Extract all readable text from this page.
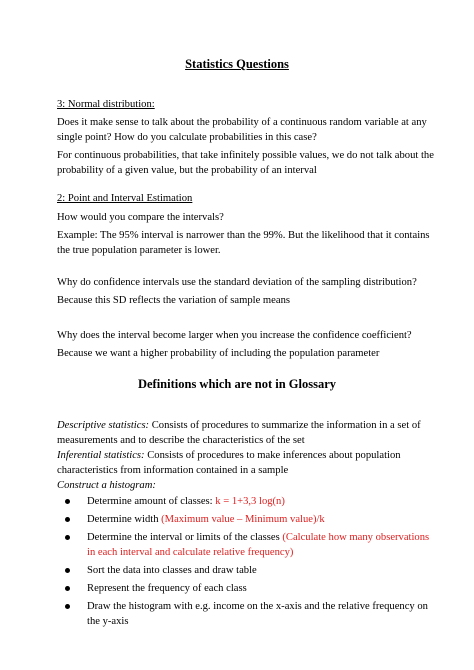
Statistics Questions

3: Normal distribution:

Does it make sense to talk about the probability of a continuous random variable at any single point? How do you calculate probabilities in this case?

For continuous probabilities, that take infinitely possible values, we do not talk about the probability of a given value, but the probability of an interval

2: Point and Interval Estimation

How would you compare the intervals?

Example: The 95% interval is narrower than the 99%. But the likelihood that it contains the true population parameter is lower.

Why do confidence intervals use the standard deviation of the sampling distribution?

Because this SD reflects the variation of sample means

Why does the interval become larger when you increase the confidence coefficient?

Because we want a higher probability of including the population parameter

Definitions which are not in Glossary

Descriptive statistics: Consists of procedures to summarize the information in a set of measurements and to describe the characteristics of the set

Inferential statistics: Consists of procedures to make inferences about population characteristics from information contained in a sample

Construct a histogram:

Determine amount of classes: k = 1+3,3 log(n)
Determine width (Maximum value – Minimum value)/k
Determine the interval or limits of the classes (Calculate how many observations in each interval and calculate relative frequency)
Sort the data into classes and draw table
Represent the frequency of each class
Draw the histogram with e.g. income on the x-axis and the relative frequency on the y-axis
